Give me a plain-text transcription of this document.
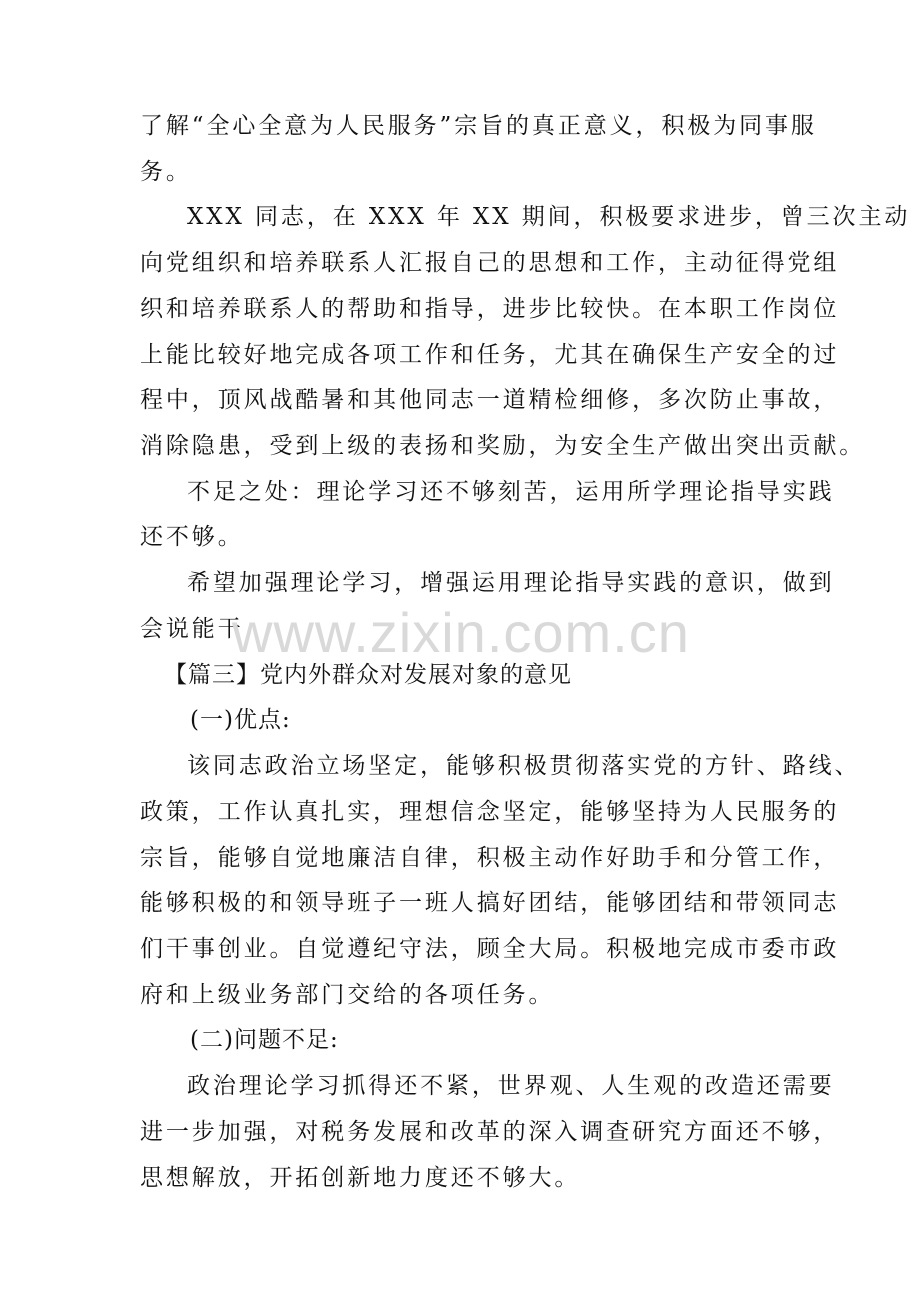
了解“全心全意为人民服务”宗旨的真正意义，积极为同事服
务。
XXX 同志，在 XXX 年 XX 期间，积极要求进步，曾三次主动
向党组织和培养联系人汇报自己的思想和工作，主动征得党组
织和培养联系人的帮助和指导，进步比较快。在本职工作岗位
上能比较好地完成各项工作和任务，尤其在确保生产安全的过
程中，顶风战酷暑和其他同志一道精检细修，多次防止事故，
消除隐患，受到上级的表扬和奖励，为安全生产做出突出贡献。
不足之处：理论学习还不够刻苦，运用所学理论指导实践
还不够。
希望加强理论学习，增强运用理论指导实践的意识，做到
会说能干
【篇三】党内外群众对发展对象的意见
(一)优点:
该同志政治立场坚定，能够积极贯彻落实党的方针、路线、
政策，工作认真扎实，理想信念坚定，能够坚持为人民服务的
宗旨，能够自觉地廉洁自律，积极主动作好助手和分管工作，
能够积极的和领导班子一班人搞好团结，能够团结和带领同志
们干事创业。自觉遵纪守法，顾全大局。积极地完成市委市政
府和上级业务部门交给的各项任务。
(二)问题不足:
政治理论学习抓得还不紧，世界观、人生观的改造还需要
进一步加强，对税务发展和改革的深入调查研究方面还不够，
思想解放，开拓创新地力度还不够大。
www.zixin.com.cn
